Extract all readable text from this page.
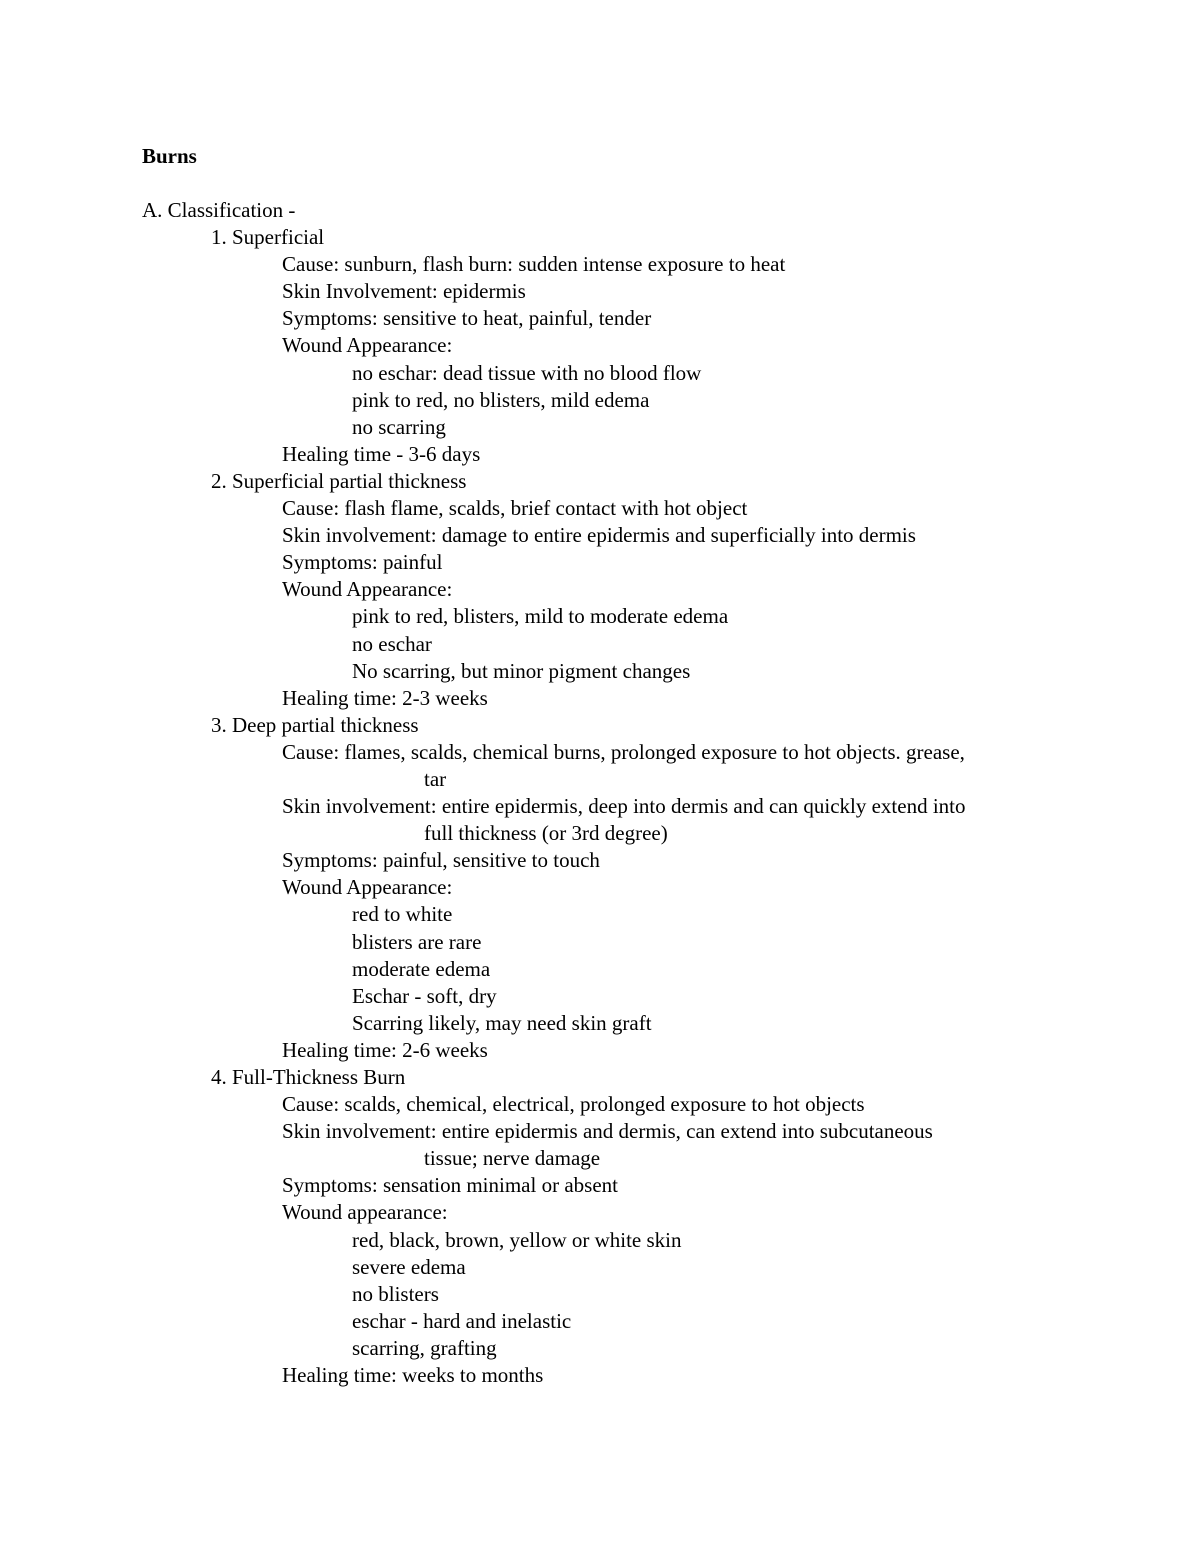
Burns
A. Classification -
1. Superficial
Cause: sunburn, flash burn: sudden intense exposure to heat
Skin Involvement: epidermis
Symptoms: sensitive to heat, painful, tender
Wound Appearance:
no eschar: dead tissue with no blood flow
pink to red, no blisters, mild edema
no scarring
Healing time - 3-6 days
2. Superficial partial thickness
Cause: flash flame, scalds, brief contact with hot object
Skin involvement: damage to entire epidermis and superficially into dermis
Symptoms: painful
Wound Appearance:
pink to red, blisters, mild to moderate edema
no eschar
No scarring, but minor pigment changes
Healing time: 2-3 weeks
3. Deep partial thickness
Cause: flames, scalds, chemical burns, prolonged exposure to hot objects. grease,
tar
Skin involvement: entire epidermis, deep into dermis and can quickly extend into
full thickness (or 3rd degree)
Symptoms: painful, sensitive to touch
Wound Appearance:
red to white
blisters are rare
moderate edema
Eschar - soft, dry
Scarring likely, may need skin graft
Healing time: 2-6 weeks
4. Full-Thickness Burn
Cause: scalds, chemical, electrical, prolonged exposure to hot objects
Skin involvement: entire epidermis and dermis, can extend into subcutaneous
tissue; nerve damage
Symptoms: sensation minimal or absent
Wound appearance:
red, black, brown, yellow or white skin
severe edema
no blisters
eschar - hard and inelastic
scarring, grafting
Healing time: weeks to months
